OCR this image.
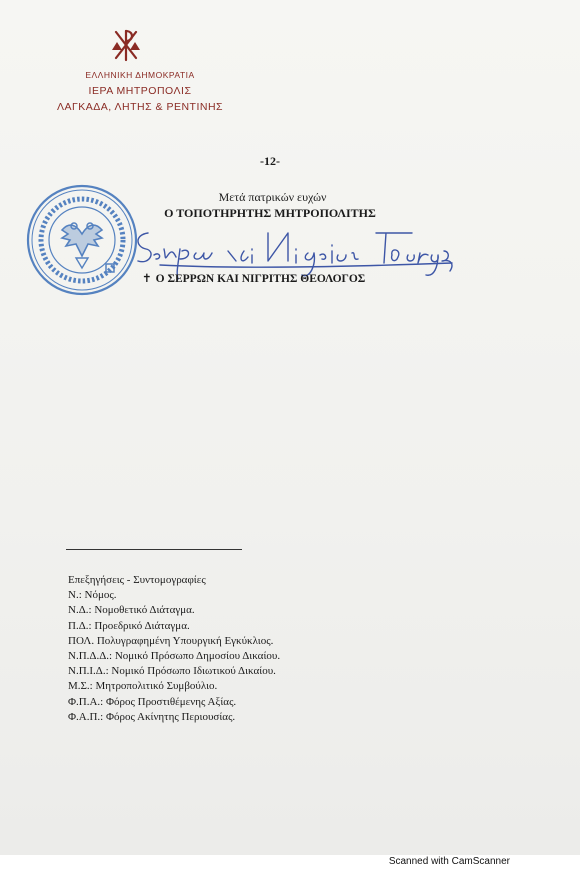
ΕΛΛΗΝΙΚΗ ΔΗΜΟΚΡΑΤΙΑ
ΙΕΡΑ ΜΗΤΡΟΠΟΛΙΣ
ΛΑΓΚΑΔΑ, ΛΗΤΗΣ & ΡΕΝΤΙΝΗΣ
-12-
Μετά πατρικών ευχών
Ο ΤΟΠΟΤΗΡΗΤΗΣ ΜΗΤΡΟΠΟΛΙΤΗΣ
✝ Ο ΣΕΡΡΩΝ ΚΑΙ ΝΙΓΡΙΤΗΣ ΘΕΟΛΟΓΟΣ
Επεξηγήσεις - Συντομογραφίες
Ν.: Νόμος.
Ν.Δ.: Νομοθετικό Διάταγμα.
Π.Δ.: Προεδρικό Διάταγμα.
ΠΟΛ. Πολυγραφημένη Υπουργική Εγκύκλιος.
Ν.Π.Δ.Δ.: Νομικό Πρόσωπο Δημοσίου Δικαίου.
Ν.Π.Ι.Δ.: Νομικό Πρόσωπο Ιδιωτικού Δικαίου.
Μ.Σ.: Μητροπολιτικό Συμβούλιο.
Φ.Π.Α.: Φόρος Προστιθέμενης Αξίας.
Φ.Α.Π.: Φόρος Ακίνητης Περιουσίας.
Scanned with CamScanner
